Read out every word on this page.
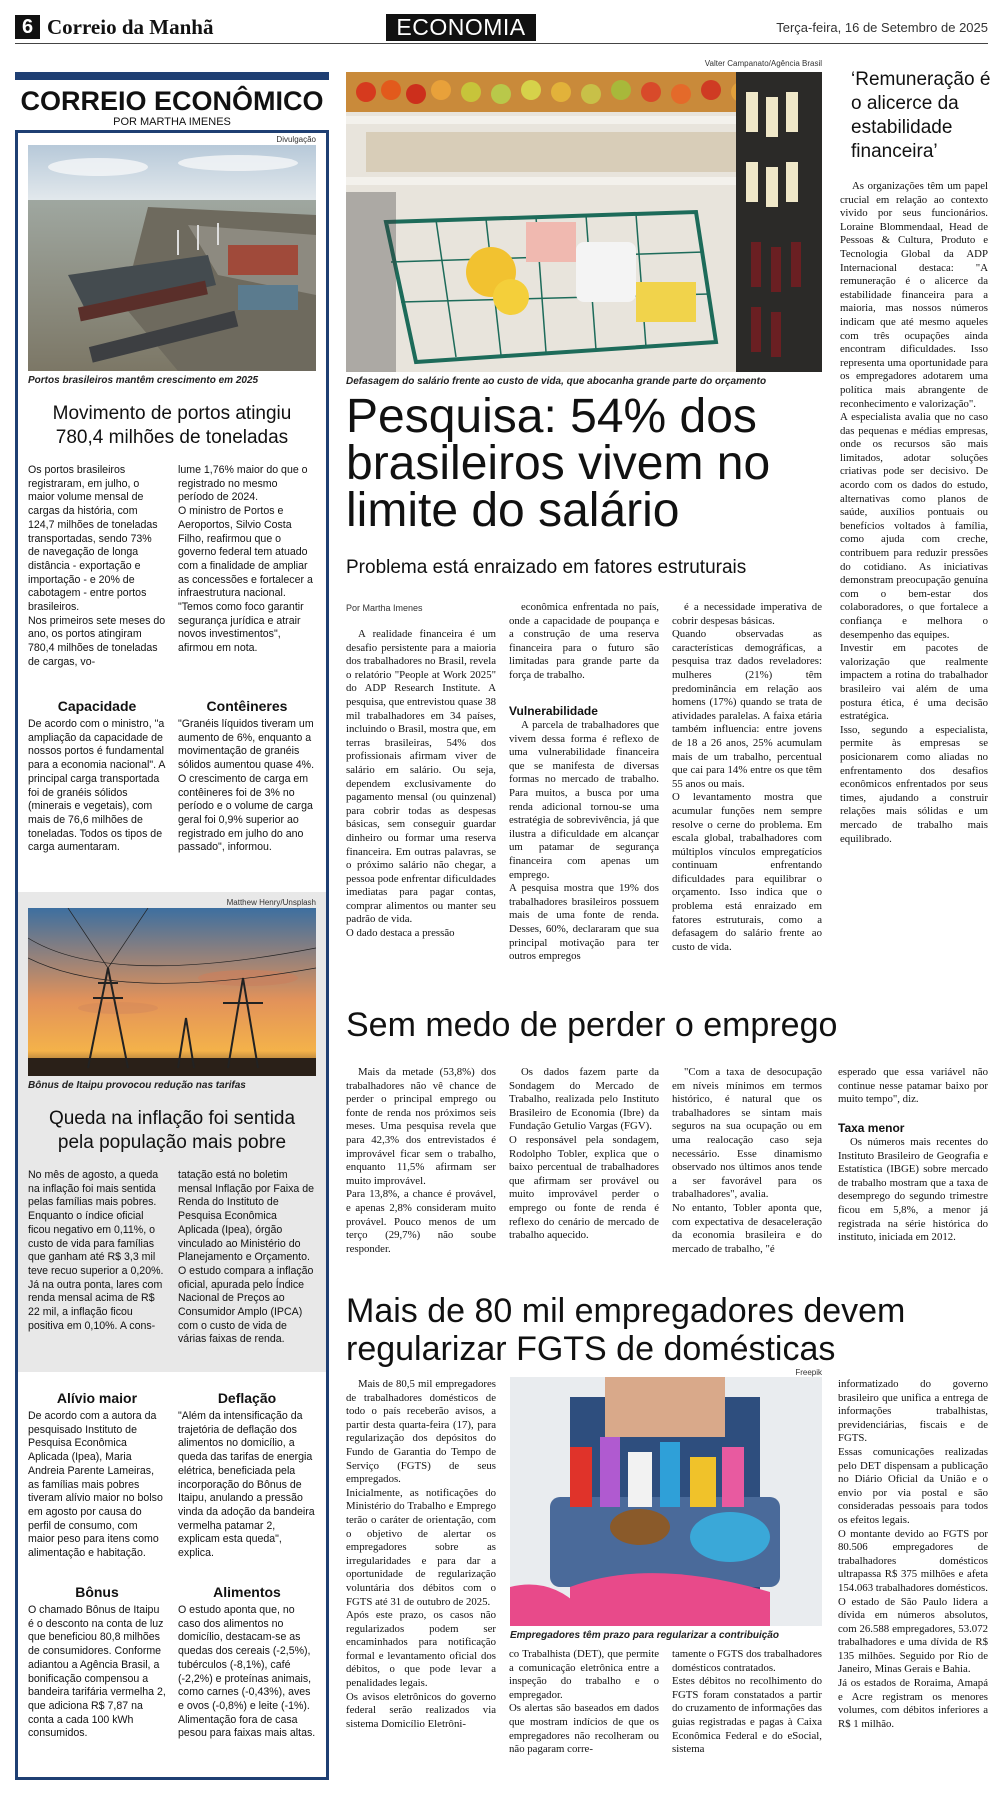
6 Correio da Manhã	ECONOMIA	Terça-feira, 16 de Setembro de 2025
CORREIO ECONÔMICO
POR MARTHA IMENES
Divulgação
Portos brasileiros mantêm crescimento em 2025
Movimento de portos atingiu 780,4 milhões de toneladas
Os portos brasileiros registraram, em julho, o maior volume mensal de cargas da história, com 124,7 milhões de toneladas transportadas, sendo 73% de navegação de longa distância - exportação e importação - e 20% de cabotagem - entre portos brasileiros.
Nos primeiros sete meses do ano, os portos atingiram 780,4 milhões de toneladas de cargas, vo-
lume 1,76% maior do que o registrado no mesmo período de 2024.
O ministro de Portos e Aeroportos, Silvio Costa Filho, reafirmou que o governo federal tem atuado com a finalidade de ampliar as concessões e fortalecer a infraestrutura nacional.
"Temos como foco garantir segurança jurídica e atrair novos investimentos", afirmou em nota.
Capacidade
De acordo com o ministro, "a ampliação da capacidade de nossos portos é fundamental para a economia nacional". A principal carga transportada foi de granéis sólidos (minerais e vegetais), com mais de 76,6 milhões de toneladas. Todos os tipos de carga aumentaram.
Contêineres
"Granéis líquidos tiveram um aumento de 6%, enquanto a movimentação de granéis sólidos aumentou quase 4%. O crescimento de carga em contêineres foi de 3% no período e o volume de carga geral foi 0,9% superior ao registrado em julho do ano passado", informou.
Matthew Henry/Unsplash
Bônus de Itaipu provocou redução nas tarifas
Queda na inflação foi sentida pela população mais pobre
No mês de agosto, a queda na inflação foi mais sentida pelas famílias mais pobres. Enquanto o índice oficial ficou negativo em 0,11%, o custo de vida para famílias que ganham até R$ 3,3 mil teve recuo superior a 0,20%. Já na outra ponta, lares com renda mensal acima de R$ 22 mil, a inflação ficou positiva em 0,10%. A cons-
tatação está no boletim mensal Inflação por Faixa de Renda do Instituto de Pesquisa Econômica Aplicada (Ipea), órgão vinculado ao Ministério do Planejamento e Orçamento.
O estudo compara a inflação oficial, apurada pelo Índice Nacional de Preços ao Consumidor Amplo (IPCA) com o custo de vida de várias faixas de renda.
Alívio maior
De acordo com a autora da pesquisado Instituto de Pesquisa Econômica Aplicada (Ipea), Maria Andreia Parente Lameiras, as famílias mais pobres tiveram alívio maior no bolso em agosto por causa do perfil de consumo, com maior peso para itens como alimentação e habitação.
Deflação
"Além da intensificação da trajetória de deflação dos alimentos no domicílio, a queda das tarifas de energia elétrica, beneficiada pela incorporação do Bônus de Itaipu, anulando a pressão vinda da adoção da bandeira vermelha patamar 2, explicam esta queda", explica.
Bônus
O chamado Bônus de Itaipu é o desconto na conta de luz que beneficiou 80,8 milhões de consumidores. Conforme adiantou a Agência Brasil, a bonificação compensou a bandeira tarifária vermelha 2, que adiciona R$ 7,87 na conta a cada 100 kWh consumidos.
Alimentos
O estudo aponta que, no caso dos alimentos no domicílio, destacam-se as quedas dos cereais (-2,5%), tubérculos (-8,1%), café (-2,2%) e proteínas animais, como carnes (-0,43%), aves e ovos (-0,8%) e leite (-1%). Alimentação fora de casa pesou para faixas mais altas.
Valter Campanato/Agência Brasil
Defasagem do salário frente ao custo de vida, que abocanha grande parte do orçamento
Pesquisa: 54% dos brasileiros vivem no limite do salário
Problema está enraizado em fatores estruturais
Por Martha Imenes
A realidade financeira é um desafio persistente para a maioria dos trabalhadores no Brasil, revela o relatório "People at Work 2025" do ADP Research Institute. A pesquisa, que entrevistou quase 38 mil trabalhadores em 34 países, incluindo o Brasil, mostra que, em terras brasileiras, 54% dos profissionais afirmam viver de salário em salário. Ou seja, dependem exclusivamente do pagamento mensal (ou quinzenal) para cobrir todas as despesas básicas, sem conseguir guardar dinheiro ou formar uma reserva financeira. Em outras palavras, se o próximo salário não chegar, a pessoa pode enfrentar dificuldades imediatas para pagar contas, comprar alimentos ou manter seu padrão de vida.
O dado destaca a pressão
econômica enfrentada no país, onde a capacidade de poupança e a construção de uma reserva financeira para o futuro são limitadas para grande parte da força de trabalho.
Vulnerabilidade
A parcela de trabalhadores que vivem dessa forma é reflexo de uma vulnerabilidade financeira que se manifesta de diversas formas no mercado de trabalho. Para muitos, a busca por uma renda adicional tornou-se uma estratégia de sobrevivência, já que ilustra a dificuldade em alcançar um patamar de segurança financeira com apenas um emprego.
A pesquisa mostra que 19% dos trabalhadores brasileiros possuem mais de uma fonte de renda. Desses, 60%, declararam que sua principal motivação para ter outros empregos
é a necessidade imperativa de cobrir despesas básicas.
Quando observadas as características demográficas, a pesquisa traz dados reveladores: mulheres (21%) têm predominância em relação aos homens (17%) quando se trata de atividades paralelas. A faixa etária também influencia: entre jovens de 18 a 26 anos, 25% acumulam mais de um trabalho, percentual que cai para 14% entre os que têm 55 anos ou mais.
O levantamento mostra que acumular funções nem sempre resolve o cerne do problema. Em escala global, trabalhadores com múltiplos vínculos empregatícios continuam enfrentando dificuldades para equilibrar o orçamento. Isso indica que o problema está enraizado em fatores estruturais, como a defasagem do salário frente ao custo de vida.
‘Remuneração é o alicerce da estabilidade financeira’
As organizações têm um papel crucial em relação ao contexto vivido por seus funcionários. Loraine Blommendaal, Head de Pessoas & Cultura, Produto e Tecnologia Global da ADP Internacional destaca: "A remuneração é o alicerce da estabilidade financeira para a maioria, mas nossos números indicam que até mesmo aqueles com três ocupações ainda encontram dificuldades. Isso representa uma oportunidade para os empregadores adotarem uma política mais abrangente de reconhecimento e valorização".
A especialista avalia que no caso das pequenas e médias empresas, onde os recursos são mais limitados, adotar soluções criativas pode ser decisivo. De acordo com os dados do estudo, alternativas como planos de saúde, auxílios pontuais ou benefícios voltados à família, como ajuda com creche, contribuem para reduzir pressões do cotidiano. As iniciativas demonstram preocupação genuína com o bem-estar dos colaboradores, o que fortalece a confiança e melhora o desempenho das equipes.
Investir em pacotes de valorização que realmente impactem a rotina do trabalhador brasileiro vai além de uma postura ética, é uma decisão estratégica.
Isso, segundo a especialista, permite às empresas se posicionarem como aliadas no enfrentamento dos desafios econômicos enfrentados por seus times, ajudando a construir relações mais sólidas e um mercado de trabalho mais equilibrado.
Sem medo de perder o emprego
Mais da metade (53,8%) dos trabalhadores não vê chance de perder o principal emprego ou fonte de renda nos próximos seis meses. Uma pesquisa revela que para 42,3% dos entrevistados é improvável ficar sem o trabalho, enquanto 11,5% afirmam ser muito improvável.
Para 13,8%, a chance é provável, e apenas 2,8% consideram muito provável. Pouco menos de um terço (29,7%) não soube responder.
Os dados fazem parte da Sondagem do Mercado de Trabalho, realizada pelo Instituto Brasileiro de Economia (Ibre) da Fundação Getulio Vargas (FGV).
O responsável pela sondagem, Rodolpho Tobler, explica que o baixo percentual de trabalhadores que afirmam ser provável ou muito improvável perder o emprego ou fonte de renda é reflexo do cenário de mercado de trabalho aquecido.
"Com a taxa de desocupação em níveis mínimos em termos histórico, é natural que os trabalhadores se sintam mais seguros na sua ocupação ou em uma realocação caso seja necessário. Esse dinamismo observado nos últimos anos tende a ser favorável para os trabalhadores", avalia.
No entanto, Tobler aponta que, com expectativa de desaceleração da economia brasileira e do mercado de trabalho, "é
esperado que essa variável não continue nesse patamar baixo por muito tempo", diz.
Taxa menor
Os números mais recentes do Instituto Brasileiro de Geografia e Estatística (IBGE) sobre mercado de trabalho mostram que a taxa de desemprego do segundo trimestre ficou em 5,8%, a menor já registrada na série histórica do instituto, iniciada em 2012.
Mais de 80 mil empregadores devem regularizar FGTS de domésticas
Freepik
Empregadores têm prazo para regularizar a contribuição
Mais de 80,5 mil empregadores de trabalhadores domésticos de todo o país receberão avisos, a partir desta quarta-feira (17), para regularização dos depósitos do Fundo de Garantia do Tempo de Serviço (FGTS) de seus empregados.
Inicialmente, as notificações do Ministério do Trabalho e Emprego terão o caráter de orientação, com o objetivo de alertar os empregadores sobre as irregularidades e para dar a oportunidade de regularização voluntária dos débitos com o FGTS até 31 de outubro de 2025.
Após este prazo, os casos não regularizados podem ser encaminhados para notificação formal e levantamento oficial dos débitos, o que pode levar a penalidades legais.
Os avisos eletrônicos do governo federal serão realizados via sistema Domicílio Eletrôni-
co Trabalhista (DET), que permite a comunicação eletrônica entre a inspeção do trabalho e o empregador.
Os alertas são baseados em dados que mostram indícios de que os empregadores não recolheram ou não pagaram corre-
tamente o FGTS dos trabalhadores domésticos contratados.
Estes débitos no recolhimento do FGTS foram constatados a partir do cruzamento de informações das guias registradas e pagas à Caixa Econômica Federal e do eSocial, sistema
informatizado do governo brasileiro que unifica a entrega de informações trabalhistas, previdenciárias, fiscais e de FGTS.
Essas comunicações realizadas pelo DET dispensam a publicação no Diário Oficial da União e o envio por via postal e são consideradas pessoais para todos os efeitos legais.
O montante devido ao FGTS por 80.506 empregadores de trabalhadores domésticos ultrapassa R$ 375 milhões e afeta 154.063 trabalhadores domésticos.
O estado de São Paulo lidera a dívida em números absolutos, com 26.588 empregadores, 53.072 trabalhadores e uma dívida de R$ 135 milhões. Seguido por Rio de Janeiro, Minas Gerais e Bahia.
Já os estados de Roraima, Amapá e Acre registram os menores volumes, com débitos inferiores a R$ 1 milhão.
